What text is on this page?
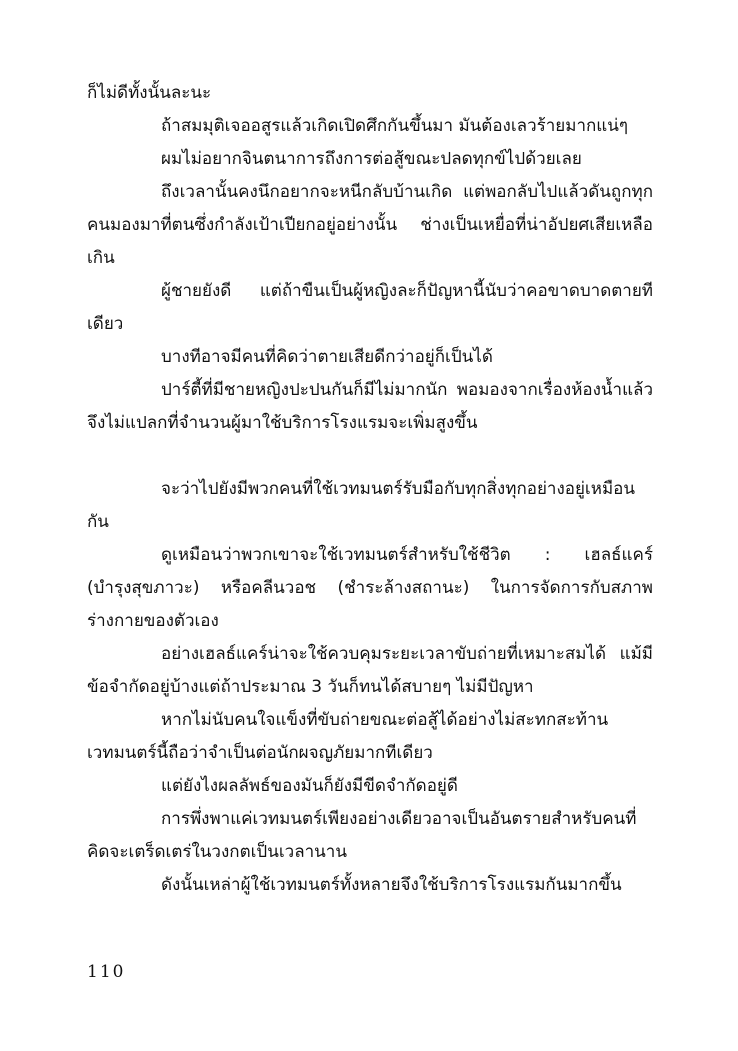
ก็ไม่ดีทั้งนั้นละนะ

ถ้าสมมุติเจออสูรแล้วเกิดเปิดศึกกันขึ้นมา มันต้องเลวร้ายมากแน่ๆ

ผมไม่อยากจินตนาการถึงการต่อสู้ขณะปลดทุกข์ไปด้วยเลย

ถึงเวลานั้นคงนึกอยากจะหนีกลับบ้านเกิด แต่พอกลับไปแล้วดันถูกทุกคนมองมาที่ตนซึ่งกำลังเป้าเปียกอยู่อย่างนั้น ช่างเป็นเหยื่อที่น่าอัปยศเสียเหลือเกิน

ผู้ชายยังดี แต่ถ้าขืนเป็นผู้หญิงละก็ปัญหานี้นับว่าคอขาดบาดตายทีเดียว

บางทีอาจมีคนที่คิดว่าตายเสียดีกว่าอยู่ก็เป็นได้

ปาร์ตี้ที่มีชายหญิงปะปนกันก็มีไม่มากนัก พอมองจากเรื่องห้องน้ำแล้วจึงไม่แปลกที่จำนวนผู้มาใช้บริการโรงแรมจะเพิ่มสูงขึ้น

จะว่าไปยังมีพวกคนที่ใช้เวทมนตร์รับมือกับทุกสิ่งทุกอย่างอยู่เหมือนกัน

ดูเหมือนว่าพวกเขาจะใช้เวทมนตร์สำหรับใช้ชีวิต : เฮลธ์แคร์ (บำรุงสุขภาวะ) หรือคลีนวอช (ชำระล้างสถานะ) ในการจัดการกับสภาพร่างกายของตัวเอง

อย่างเฮลธ์แคร์น่าจะใช้ควบคุมระยะเวลาขับถ่ายที่เหมาะสมได้ แม้มีข้อจำกัดอยู่บ้างแต่ถ้าประมาณ 3 วันก็ทนได้สบายๆ ไม่มีปัญหา

หากไม่นับคนใจแข็งที่ขับถ่ายขณะต่อสู้ได้อย่างไม่สะทกสะท้าน เวทมนตร์นี้ถือว่าจำเป็นต่อนักผจญภัยมากทีเดียว

แต่ยังไงผลลัพธ์ของมันก็ยังมีขีดจำกัดอยู่ดี

การพึ่งพาแค่เวทมนตร์เพียงอย่างเดียวอาจเป็นอันตรายสำหรับคนที่คิดจะเตร็ดเตร่ในวงกตเป็นเวลานาน

ดังนั้นเหล่าผู้ใช้เวทมนตร์ทั้งหลายจึงใช้บริการโรงแรมกันมากขึ้น

110
